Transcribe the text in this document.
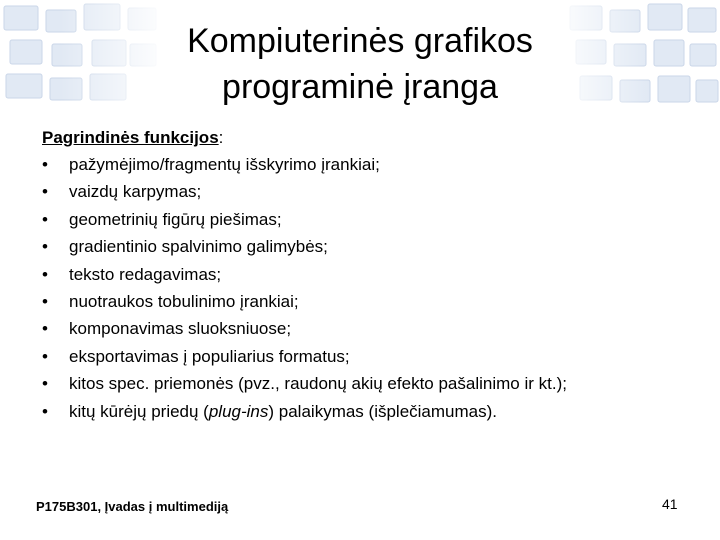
Kompiuterinės grafikos
programinė įranga
Pagrindinės funkcijos:
• pažymėjimo/fragmentų išskyrimo įrankiai;
• vaizdų karpymas;
• geometrinių figūrų piešimas;
• gradientinio spalvinimo galimybės;
• teksto redagavimas;
• nuotraukos tobulinimo įrankiai;
• komponavimas sluoksniuose;
• eksportavimas į populiarius formatus;
• kitos spec. priemonės (pvz., raudonų akių efekto pašalinimo ir kt.);
• kitų kūrėjų priedų (plug-ins) palaikymas (išplečiamumas).
P175B301, Įvadas į multimediją	41
